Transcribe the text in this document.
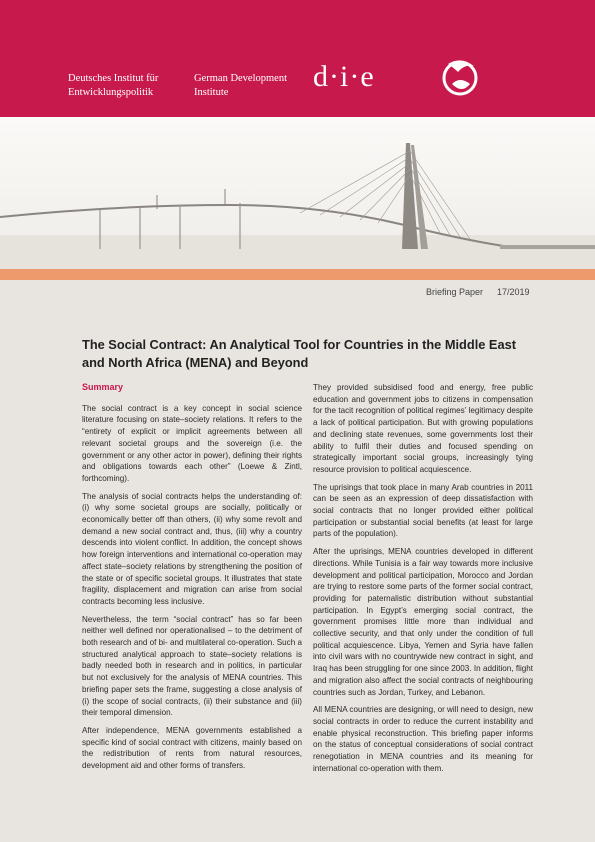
Deutsches Institut für
Entwicklungspolitik
German Development
Institute	d·i·e
Briefing Paper 17/2019
The Social Contract: An Analytical Tool for Countries in the Middle East and North Africa (MENA) and Beyond
Summary

The social contract is a key concept in social science literature focusing on state–society relations. It refers to the “entirety of explicit or implicit agreements between all relevant societal groups and the sovereign (i.e. the government or any other actor in power), defining their rights and obligations towards each other” (Loewe & Zintl, forthcoming).

The analysis of social contracts helps the understanding of: (i) why some societal groups are socially, politically or economically better off than others, (ii) why some revolt and demand a new social contract and, thus, (iii) why a country descends into violent conflict. In addition, the concept shows how foreign interventions and international co-operation may affect state–society relations by strengthening the position of the state or of specific societal groups. It illustrates that state fragility, displacement and migration can arise from social contracts becoming less inclusive.

Nevertheless, the term “social contract” has so far been neither well defined nor operationalised – to the detriment of both research and of bi- and multilateral co-operation. Such a structured analytical approach to state–society relations is badly needed both in research and in politics, in particular but not exclusively for the analysis of MENA countries. This briefing paper sets the frame, suggesting a close analysis of (i) the scope of social contracts, (ii) their substance and (iii) their temporal dimension.

After independence, MENA governments established a specific kind of social contract with citizens, mainly based on the redistribution of rents from natural resources, development aid and other forms of transfers.

They provided subsidised food and energy, free public education and government jobs to citizens in compensation for the tacit recognition of political regimes’ legitimacy despite a lack of political participation. But with growing populations and declining state revenues, some governments lost their ability to fulfil their duties and focused spending on strategically important social groups, increasingly tying resource provision to political acquiescence.

The uprisings that took place in many Arab countries in 2011 can be seen as an expression of deep dissatisfaction with social contracts that no longer provided either political participation or substantial social benefits (at least for large parts of the population).

After the uprisings, MENA countries developed in different directions. While Tunisia is a fair way towards more inclusive development and political participation, Morocco and Jordan are trying to restore some parts of the former social contract, providing for paternalistic distribution without substantial participation. In Egypt’s emerging social contract, the government promises little more than individual and collective security, and that only under the condition of full political acquiescence. Libya, Yemen and Syria have fallen into civil wars with no countrywide new contract in sight, and Iraq has been struggling for one since 2003. In addition, flight and migration also affect the social contracts of neighbouring countries such as Jordan, Turkey, and Lebanon.

All MENA countries are designing, or will need to design, new social contracts in order to reduce the current instability and enable physical reconstruction. This briefing paper informs on the status of conceptual considerations of social contract renegotiation in MENA countries and its meaning for international co-operation with them.
